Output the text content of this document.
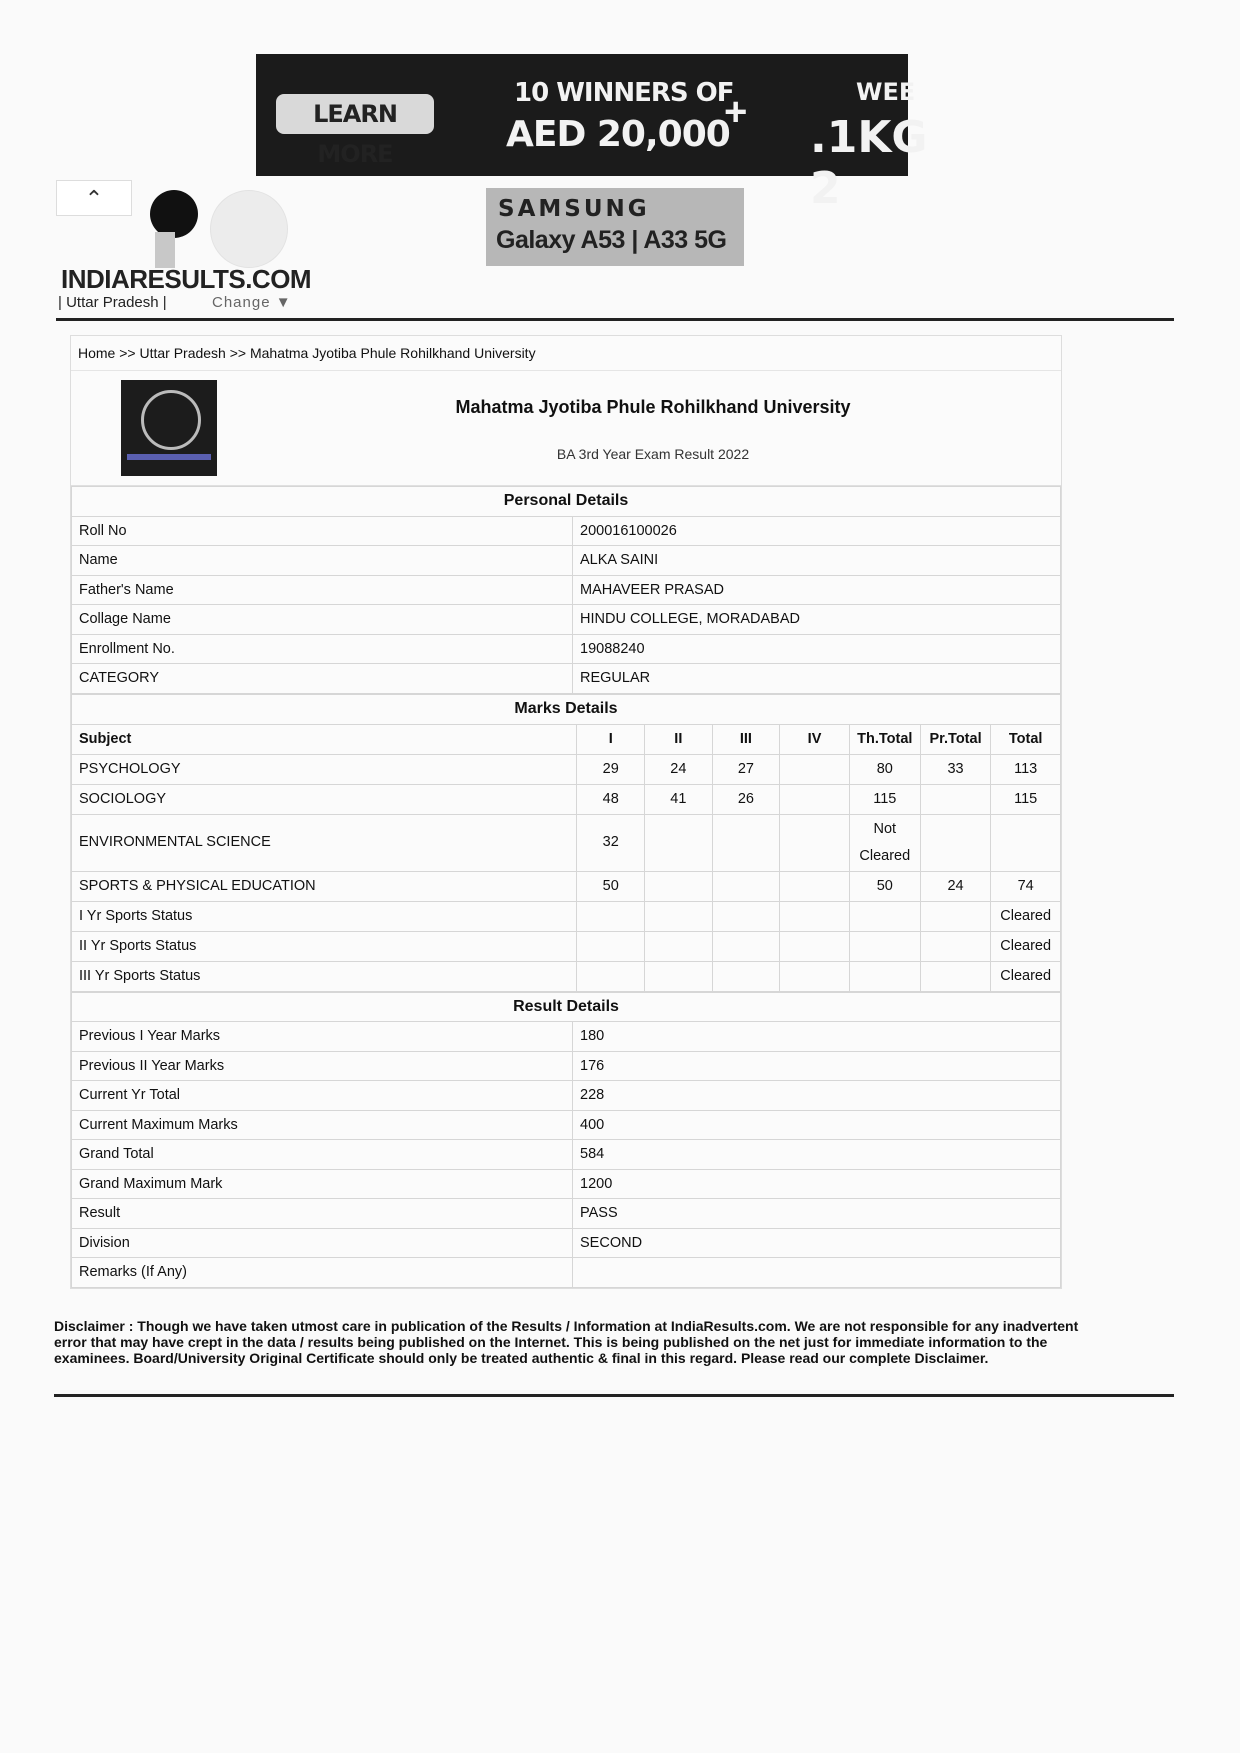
LEARN MORE
10 WINNERS OF
AED 20,000
+	WEE
.1KG 2
⌃
INDIARESULTS.COM
| Uttar Pradesh |	Change ▼
SAMSUNG
Galaxy A53 | A33 5G
Home >> Uttar Pradesh >> Mahatma Jyotiba Phule Rohilkhand University
Mahatma Jyotiba Phule Rohilkhand University
BA 3rd Year Exam Result 2022
Personal Details	
Roll No	200016100026
Name	ALKA SAINI
Father's Name	MAHAVEER PRASAD
Collage Name	HINDU COLLEGE, MORADABAD
Enrollment No.	19088240
CATEGORY	REGULAR
Marks Details							
Subject	I	II	III	IV	Th.Total	Pr.Total	Total
PSYCHOLOGY	29	24	27		80	33	113
SOCIOLOGY	48	41	26		115		115
ENVIRONMENTAL SCIENCE	32				Not
Cleared		

SPORTS & PHYSICAL EDUCATION	50				50	24	74
I Yr Sports Status							Cleared
II Yr Sports Status							Cleared
III Yr Sports Status							Cleared
Result Details	
Previous I Year Marks	180
Previous II Year Marks	176
Current Yr Total	228
Current Maximum Marks	400
Grand Total	584
Grand Maximum Mark	1200
Result	PASS
Division	SECOND
Remarks (If Any)	
Disclaimer : Though we have taken utmost care in publication of the Results / Information at IndiaResults.com. We are not responsible for any inadvertent error that may have crept in the data / results being published on the Internet. This is being published on the net just for immediate information to the examinees. Board/University Original Certificate should only be treated authentic & final in this regard. Please read our complete Disclaimer.
